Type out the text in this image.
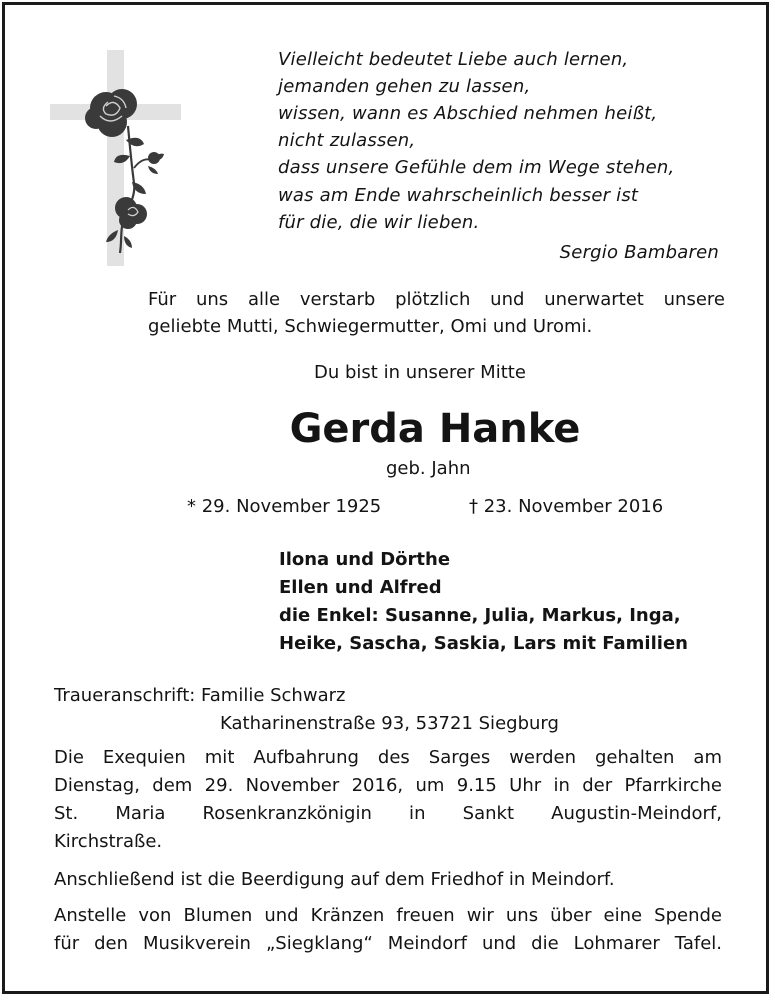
Vielleicht bedeutet Liebe auch lernen,
jemanden gehen zu lassen,
wissen, wann es Abschied nehmen heißt,
nicht zulassen,
dass unsere Gefühle dem im Wege stehen,
was am Ende wahrscheinlich besser ist
für die, die wir lieben.
Sergio Bambaren
Für uns alle verstarb plötzlich und unerwartet unsere
geliebte Mutti, Schwiegermutter, Omi und Uromi.
Du bist in unserer Mitte
Gerda Hanke
geb. Jahn
* 29. November 1925	† 23. November 2016
Ilona und Dörthe
Ellen und Alfred
die Enkel: Susanne, Julia, Markus, Inga,
Heike, Sascha, Saskia, Lars mit Familien
Traueranschrift: Familie Schwarz
Katharinenstraße 93, 53721 Siegburg
Die Exequien mit Aufbahrung des Sarges werden gehalten am
Dienstag, dem 29. November 2016, um 9.15 Uhr in der Pfarrkirche
St. Maria Rosenkranzkönigin in Sankt Augustin-Meindorf,
Kirchstraße.
Anschließend ist die Beerdigung auf dem Friedhof in Meindorf.
Anstelle von Blumen und Kränzen freuen wir uns über eine Spende
für den Musikverein „Siegklang“ Meindorf und die Lohmarer Tafel.
